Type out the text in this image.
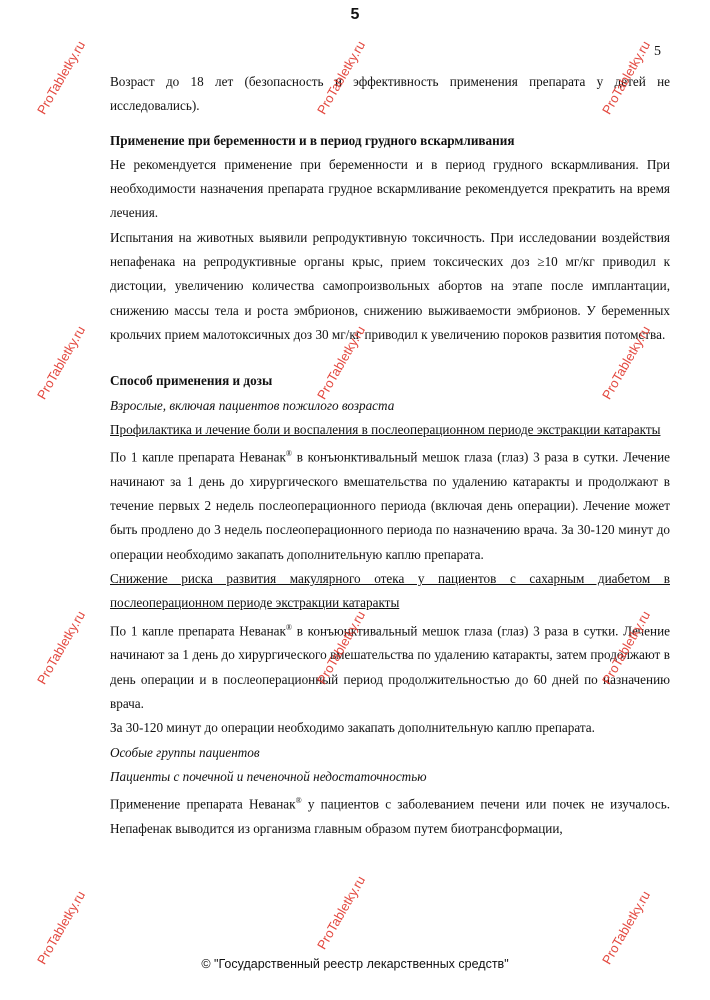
5
5

Возраст до 18 лет (безопасность и эффективность применения препарата у детей не исследовались).

Применение при беременности и в период грудного вскармливания

Не рекомендуется применение при беременности и в период грудного вскармливания. При необходимости назначения препарата грудное вскармливание рекомендуется прекратить на время лечения.

Испытания на животных выявили репродуктивную токсичность. При исследовании воздействия непафенака на репродуктивные органы крыс, прием токсических доз ≥10 мг/кг приводил к дистоции, увеличению количества самопроизвольных абортов на этапе после имплантации, снижению массы тела и роста эмбрионов, снижению выживаемости эмбрионов. У беременных крольчих прием малотоксичных доз 30 мг/кг приводил к увеличению пороков развития потомства.

Способ применения и дозы

Взрослые, включая пациентов пожилого возраста

Профилактика и лечение боли и воспаления в послеоперационном периоде экстракции катаракты

По 1 капле препарата Неванак® в конъюнктивальный мешок глаза (глаз) 3 раза в сутки. Лечение начинают за 1 день до хирургического вмешательства по удалению катаракты и продолжают в течение первых 2 недель послеоперационного периода (включая день операции). Лечение может быть продлено до 3 недель послеоперационного периода по назначению врача. За 30-120 минут до операции необходимо закапать дополнительную каплю препарата.

Снижение риска развития макулярного отека у пациентов с сахарным диабетом в послеоперационном периоде экстракции катаракты

По 1 капле препарата Неванак® в конъюнктивальный мешок глаза (глаз) 3 раза в сутки. Лечение начинают за 1 день до хирургического вмешательства по удалению катаракты, затем продолжают в день операции и в послеоперационный период продолжительностью до 60 дней по назначению врача.

За 30-120 минут до операции необходимо закапать дополнительную каплю препарата.

Особые группы пациентов

Пациенты с почечной и печеночной недостаточностью

Применение препарата Неванак® у пациентов с заболеванием печени или почек не изучалось. Непафенак выводится из организма главным образом путем биотрансформации,

© "Государственный реестр лекарственных средств"
ProTabletky.ru	ProTabletky.ru	ProTabletky.ru
ProTabletky.ru	ProTabletky.ru	ProTabletky.ru
ProTabletky.ru	ProTabletky.ru	ProTabletky.ru
ProTabletky.ru	ProTabletky.ru	ProTabletky.ru
